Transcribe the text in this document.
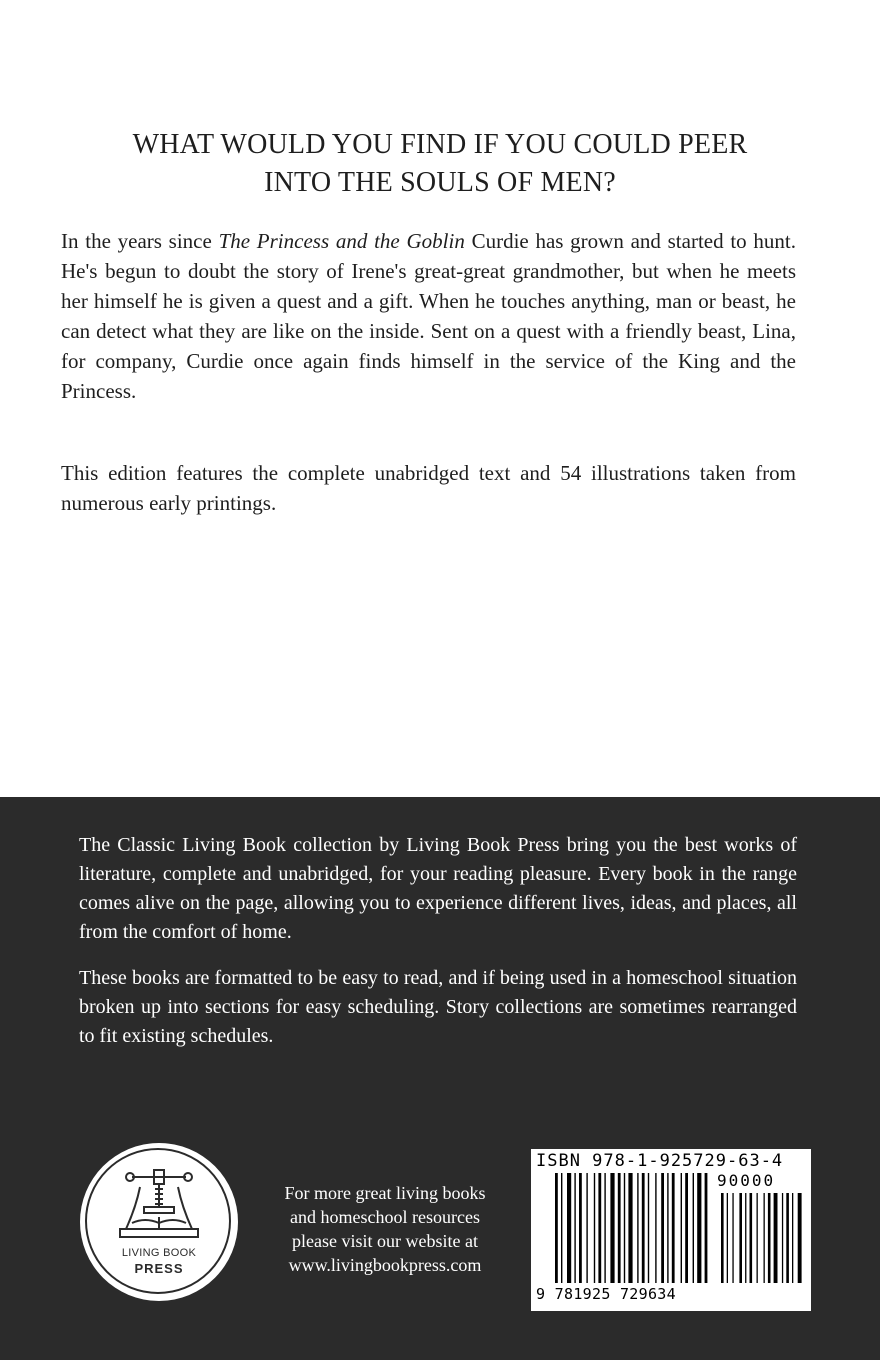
WHAT WOULD YOU FIND IF YOU COULD PEER
INTO THE SOULS OF MEN?

In the years since The Princess and the Goblin Curdie has grown and started to hunt. He's begun to doubt the story of Irene's great-great grandmother, but when he meets her himself he is given a quest and a gift. When he touches anything, man or beast, he can detect what they are like on the inside. Sent on a quest with a friendly beast, Lina, for company, Curdie once again finds himself in the service of the King and the Princess.

This edition features the complete unabridged text and 54 illustrations taken from numerous early printings.

The Classic Living Book collection by Living Book Press bring you the best works of literature, complete and unabridged, for your reading pleasure. Every book in the range comes alive on the page, allowing you to experience different lives, ideas, and places, all from the comfort of home.

These books are formatted to be easy to read, and if being used in a homeschool situation broken up into sections for easy scheduling. Story collections are sometimes rearranged to fit existing schedules.

LIVING BOOK
PRESS
For more great living books
and homeschool resources
please visit our website at
www.livingbookpress.com
ISBN 978-1-925729-63-4
90000
9 781925 729634
